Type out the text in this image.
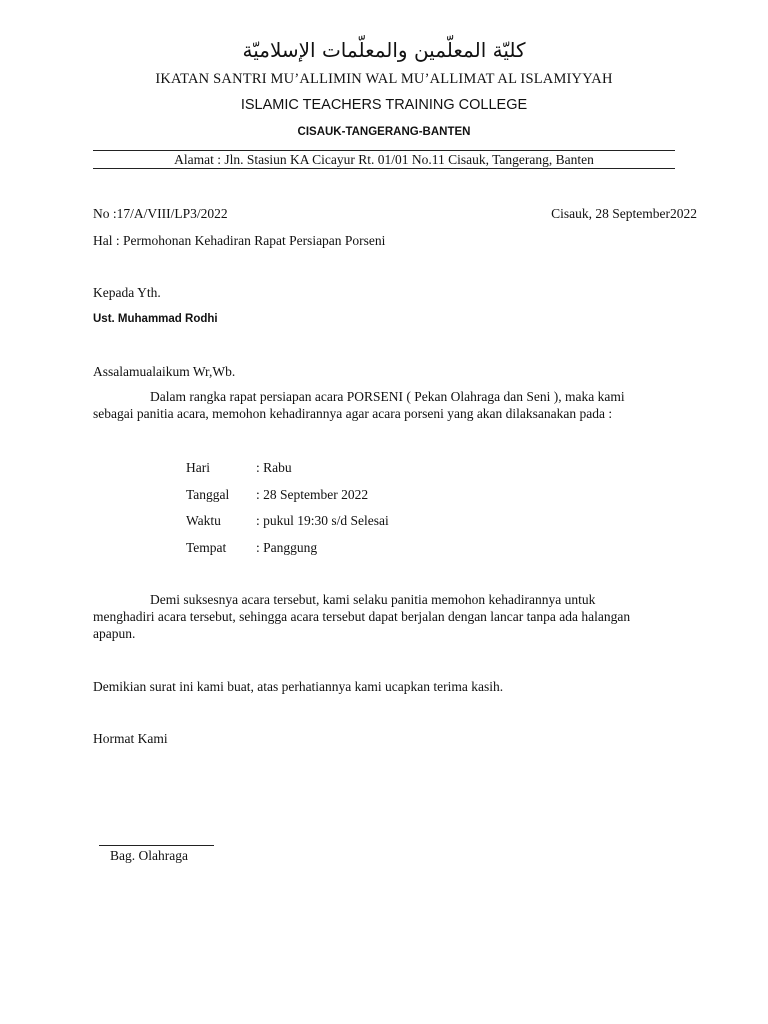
كليّة المعلّمين والمعلّمات الإسلاميّة
IKATAN SANTRI MU’ALLIMIN WAL MU’ALLIMAT AL ISLAMIYYAH
ISLAMIC TEACHERS TRAINING COLLEGE
CISAUK-TANGERANG-BANTEN
Alamat : Jln. Stasiun KA Cicayur Rt. 01/01 No.11 Cisauk, Tangerang, Banten
No :17/A/VIII/LP3/2022	Cisauk, 28 September2022
Hal : Permohonan Kehadiran Rapat Persiapan Porseni
Kepada Yth.
Ust. Muhammad Rodhi
Assalamualaikum Wr,Wb.
Dalam rangka rapat persiapan acara PORSENI ( Pekan Olahraga dan Seni ), maka kami
sebagai panitia acara, memohon kehadirannya agar acara porseni yang akan dilaksanakan pada :
Hari	: Rabu
Tanggal : 28 September 2022
Waktu	: pukul 19:30 s/d Selesai
Tempat : Panggung
Demi suksesnya acara tersebut, kami selaku panitia memohon kehadirannya untuk
menghadiri acara tersebut, sehingga acara tersebut dapat berjalan dengan lancar tanpa ada halangan
apapun.
Demikian surat ini kami buat, atas perhatiannya kami ucapkan terima kasih.
Hormat Kami
Bag. Olahraga
